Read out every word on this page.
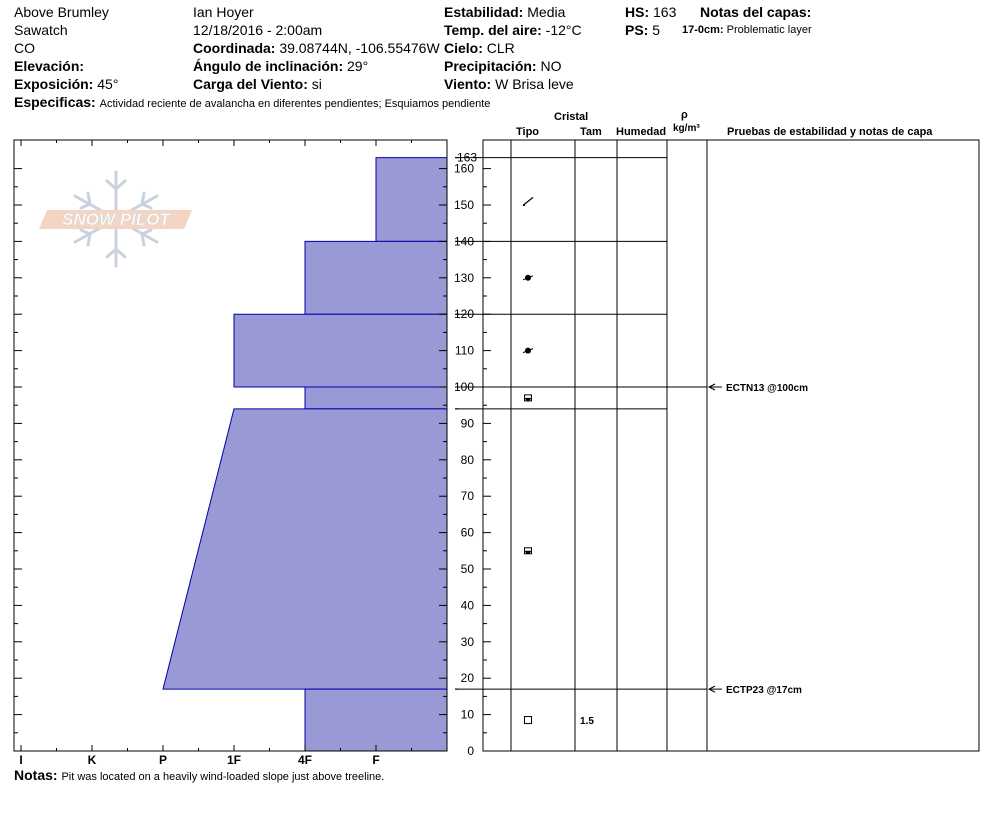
Above Brumley
Sawatch
CO
Elevación:
Exposición: 45°
Ian Hoyer
12/18/2016 - 2:00am
Coordinada: 39.08744N, -106.55476W
Ángulo de inclinación: 29°
Carga del Viento: si
Estabilidad: Media
Temp. del aire: -12°C
Cielo: CLR
Precipitación: NO
Viento: W Brisa leve
HS: 163
PS: 5
Notas del capas:
17-0cm: Problematic layer
Especificas: Actividad reciente de avalancha en diferentes pendientes; Esquiamos pendiente
Cristal
Tipo	Tam Humedad
ρ
kg/m³ Pruebas de estabilidad y notas de capa
SNOW PILOT
I	K	P	1F	4F	F
0
10
20
30
40
50
60
70
80
90
100
110
120
130
140
150
160
163
1.5
ECTN13 @100cm
ECTP23 @17cm
Notas: Pit was located on a heavily wind-loaded slope just above treeline.
